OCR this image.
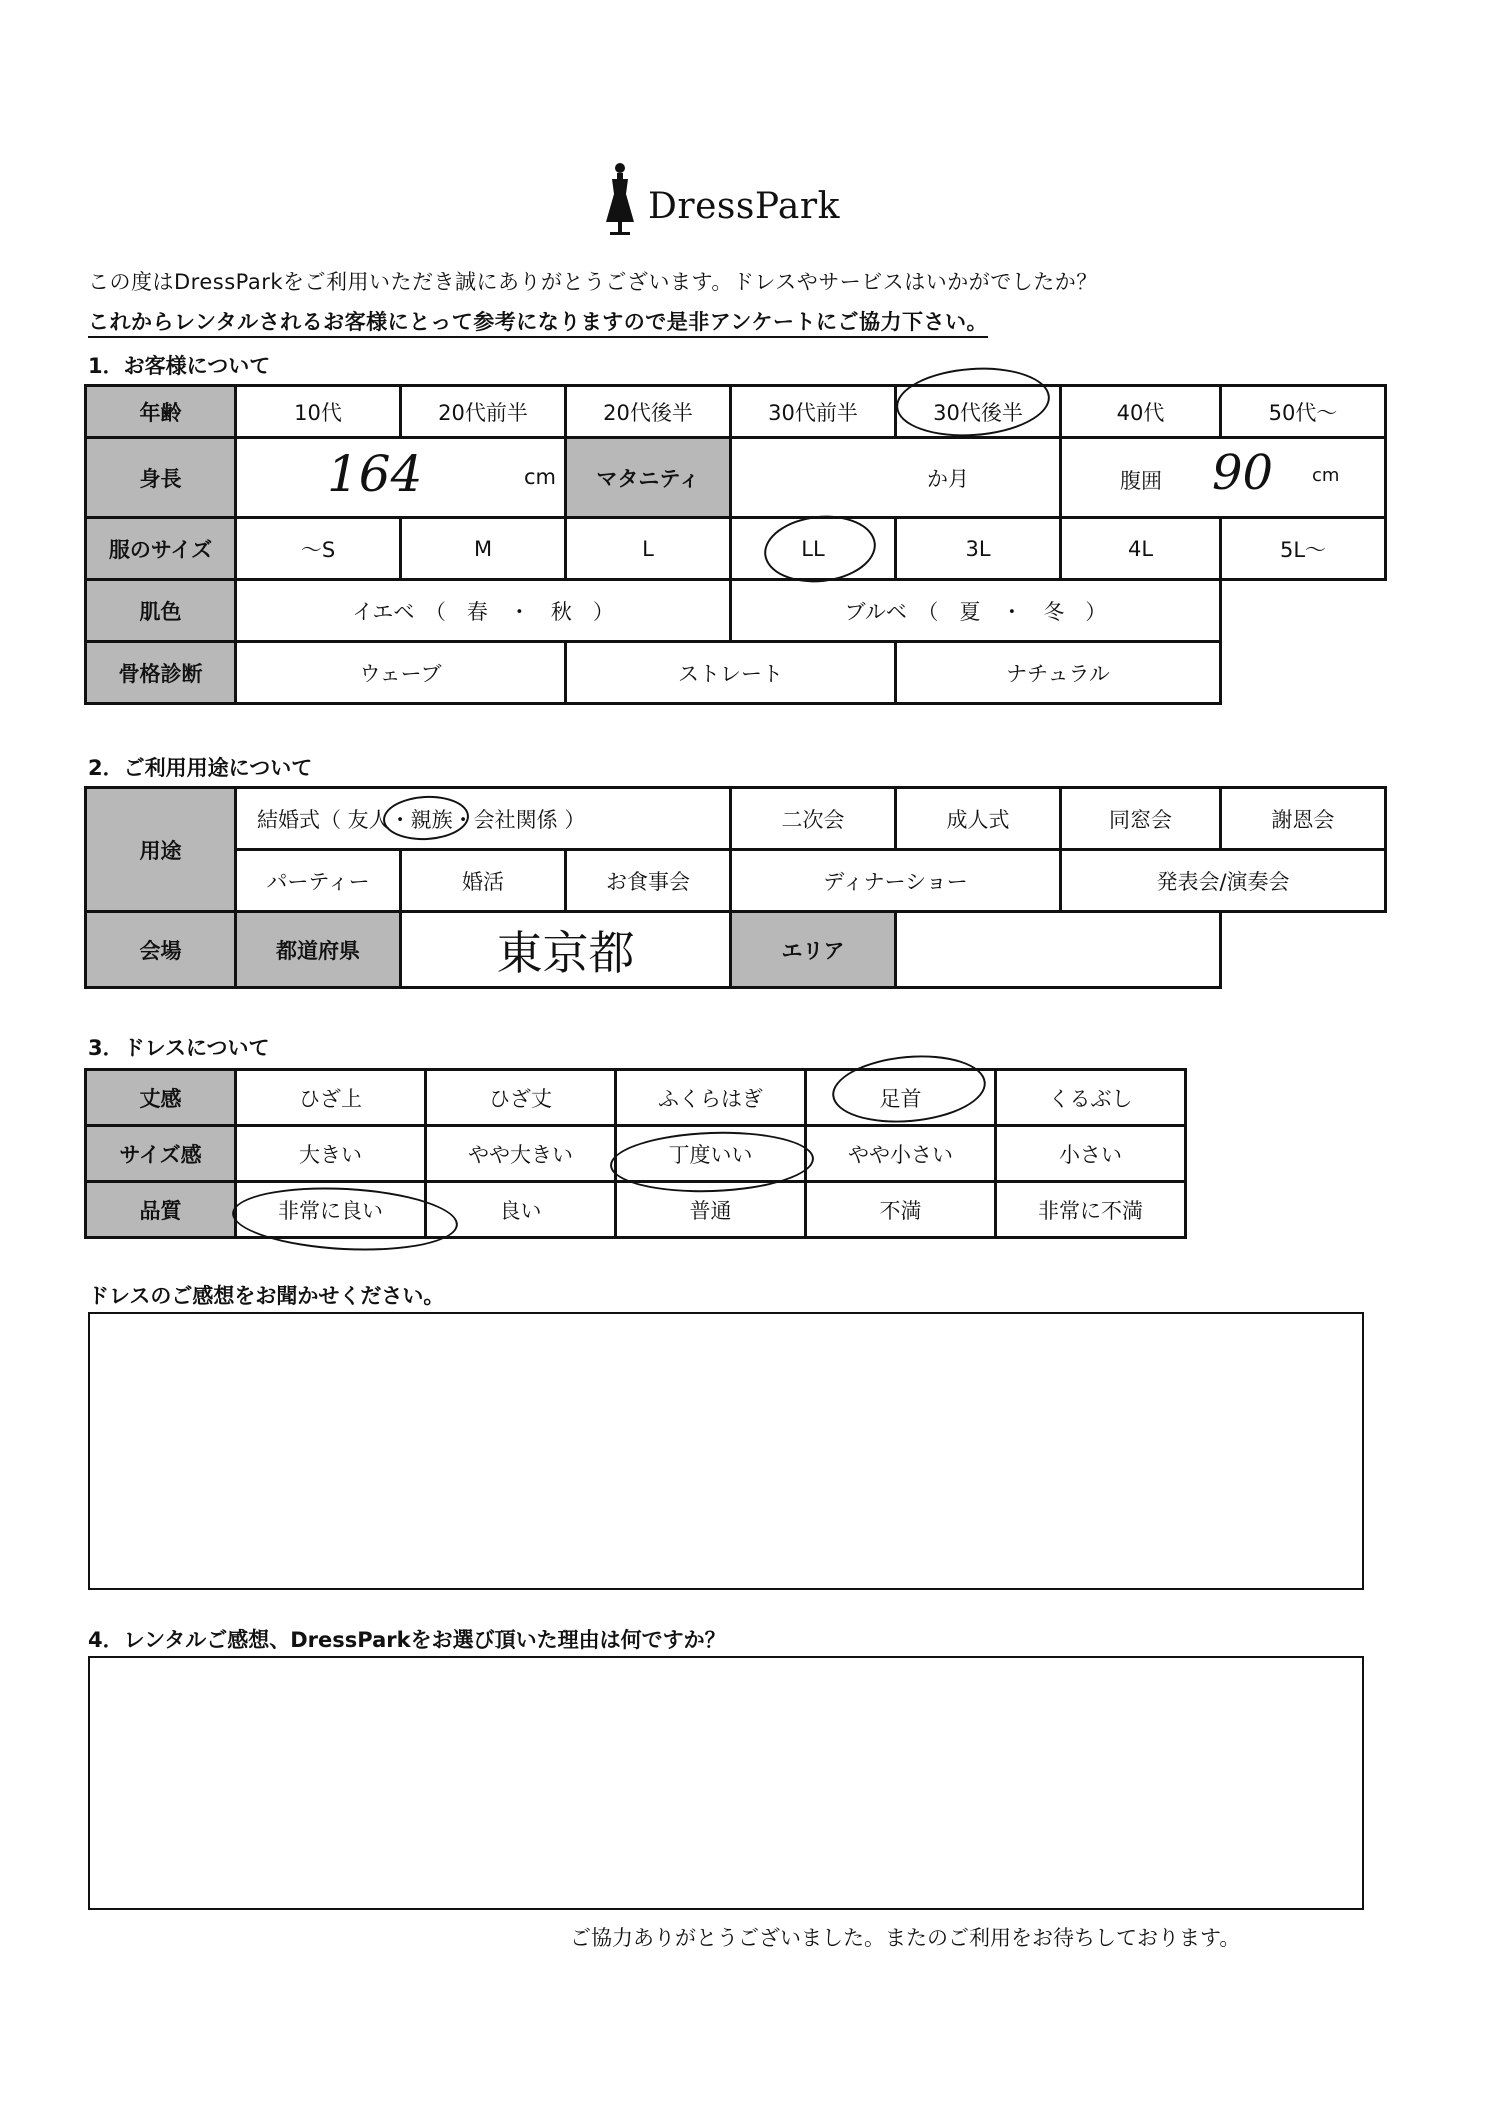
DressPark
この度はDressParkをご利用いただき誠にありがとうございます。ドレスやサービスはいかがでしたか？
これからレンタルされるお客様にとって参考になりますので是非アンケートにご協力下さい。
1．お客様について
年齢	10代	20代前半	20代後半	30代前半	30代後半	40代	50代〜
身長	164 cm		マタニティ	か月		腹囲 90 cm	

服のサイズ	〜S	M	L	LL	3L	4L	5L〜
肌色	イエベ　（　春　・　秋　）			ブルベ　（　夏　・　冬　）			
骨格診断	ウェーブ		ストレート		ナチュラル		
2．ご利用用途について
用途	結婚式（ 友人・親族・会社関係 ）			二次会	成人式	同窓会	謝恩会
	パーティー	婚活	お食事会	ディナーショー		発表会/演奏会	
会場	都道府県	東京都		エリア			
3．ドレスについて
丈感	ひざ上	ひざ丈	ふくらはぎ	足首	くるぶし
サイズ感	大きい	やや大きい	丁度いい	やや小さい	小さい
品質	非常に良い	良い	普通	不満	非常に不満
ドレスのご感想をお聞かせください。
4．レンタルご感想、DressParkをお選び頂いた理由は何ですか？
ご協力ありがとうございました。またのご利用をお待ちしております。
